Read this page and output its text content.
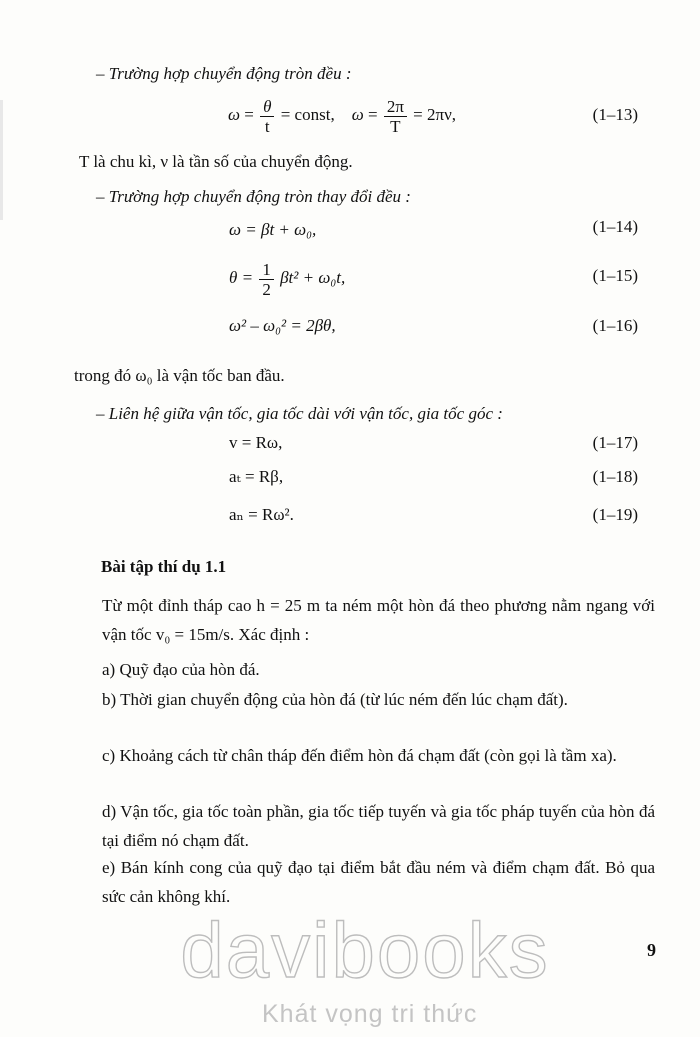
– Trường hợp chuyển động tròn đều :
$\omega = \frac{\theta}{t}$ = const, $\omega = \frac{2\pi}{T} = 2\pi\nu$,	(1–13)
T là chu kì, ν là tần số của chuyển động.
– Trường hợp chuyển động tròn thay đổi đều :
ω = βt + ω₀,	(1–14)
$\theta = \frac{1}{2} \beta t^2 + \omega_0t$,	(1–15)
ω² – ω₀² = 2βθ,	(1–16)
trong đó ω₀ là vận tốc ban đầu.
– Liên hệ giữa vận tốc, gia tốc dài với vận tốc, gia tốc góc :
v = Rω,	(1–17)
aₜ = Rβ,	(1–18)
aₙ = Rω².	(1–19)
Bài tập thí dụ 1.1
Từ một đỉnh tháp cao h = 25 m ta ném một hòn đá theo phương nằm ngang với vận tốc v₀ = 15m/s. Xác định :
a) Quỹ đạo của hòn đá.
b) Thời gian chuyển động của hòn đá (từ lúc ném đến lúc chạm đất).
c) Khoảng cách từ chân tháp đến điểm hòn đá chạm đất (còn gọi là tầm xa).
d) Vận tốc, gia tốc toàn phần, gia tốc tiếp tuyến và gia tốc pháp tuyến của hòn đá tại điểm nó chạm đất.
e) Bán kính cong của quỹ đạo tại điểm bắt đầu ném và điểm chạm đất. Bỏ qua sức cản không khí.
9
davibooks
Khát vọng tri thức
